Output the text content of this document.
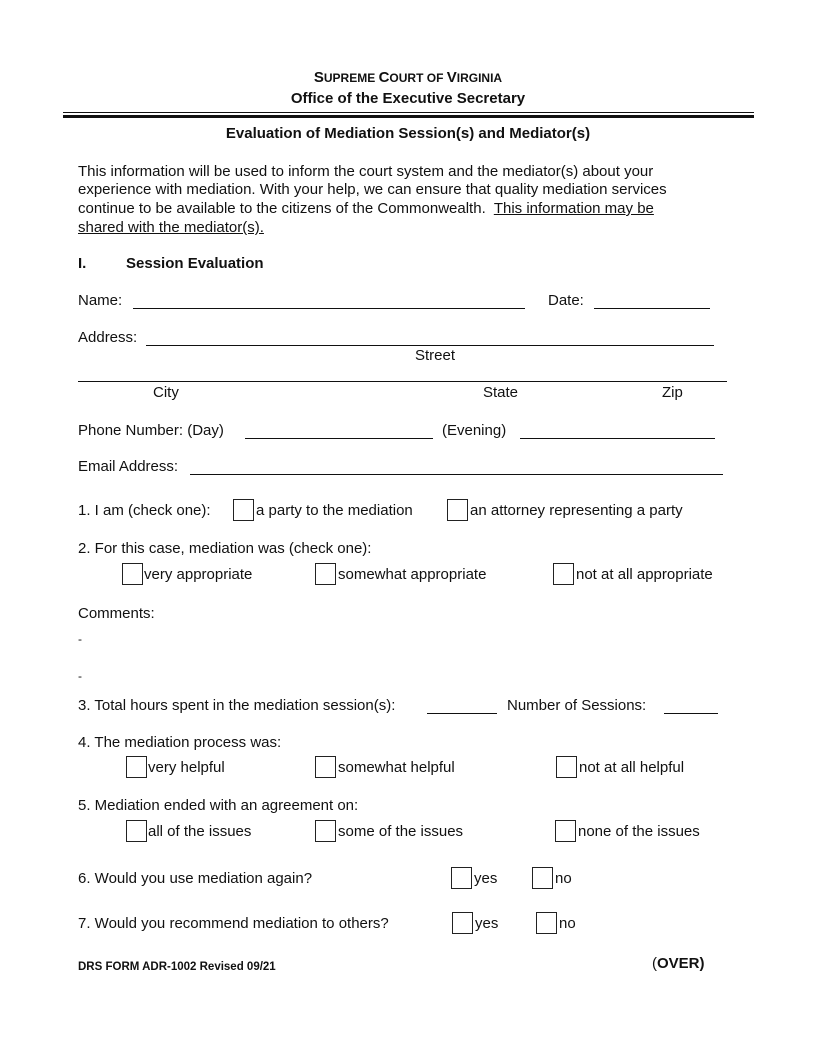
SUPREME COURT OF VIRGINIA
Office of the Executive Secretary
Evaluation of Mediation Session(s) and Mediator(s)
This information will be used to inform the court system and the mediator(s) about your
experience with mediation. With your help, we can ensure that quality mediation services
continue to be available to the citizens of the Commonwealth.  This information may be
shared with the mediator(s).
I.	Session Evaluation
Name:	Date:
Address:
Street
City	State	Zip
Phone Number: (Day)	(Evening)
Email Address:
1. I am (check one):	a party to the mediation	an attorney representing a party
2. For this case, mediation was (check one):
very appropriate	somewhat appropriate	not at all appropriate
Comments:
-
-
3. Total hours spent in the mediation session(s):	Number of Sessions:
4. The mediation process was:
very helpful	somewhat helpful	not at all helpful
5. Mediation ended with an agreement on:
all of the issues	some of the issues	none of the issues
6. Would you use mediation again?	yes	no
7. Would you recommend mediation to others?	yes	no
DRS FORM ADR-1002 Revised 09/21	(OVER)
